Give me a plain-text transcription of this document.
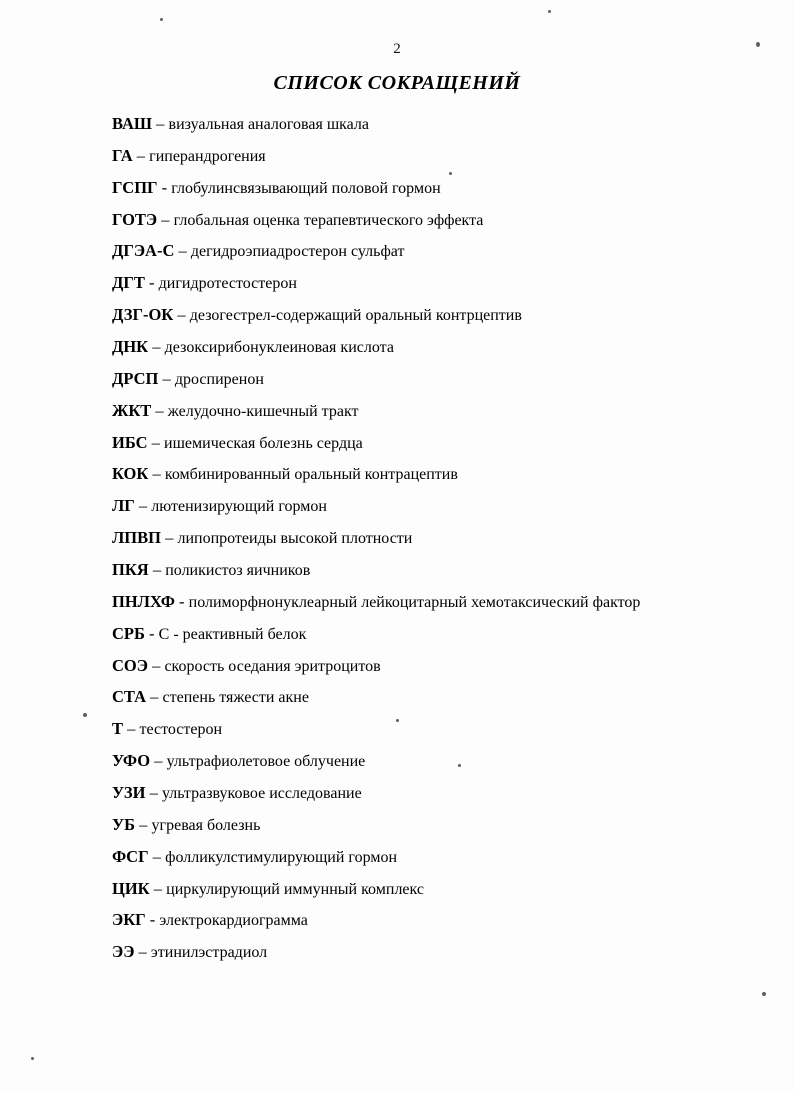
2
СПИСОК СОКРАЩЕНИЙ
ВАШ – визуальная аналоговая шкала
ГА – гиперандрогения
ГСПГ - глобулинсвязывающий половой гормон
ГОТЭ – глобальная оценка терапевтического эффекта
ДГЭА-С – дегидроэпиадростерон сульфат
ДГТ - дигидротестостерон
ДЗГ-ОК – дезогестрел-содержащий оральный контрцептив
ДНК – дезоксирибонуклеиновая кислота
ДРСП – дроспиренон
ЖКТ – желудочно-кишечный тракт
ИБС – ишемическая болезнь сердца
КОК – комбинированный оральный контрацептив
ЛГ – лютенизирующий гормон
ЛПВП – липопротеиды высокой плотности
ПКЯ – поликистоз яичников
ПНЛХФ - полиморфнонуклеарный лейкоцитарный хемотаксический фактор
СРБ - С - реактивный белок
СОЭ – скорость оседания эритроцитов
СТА – степень тяжести акне
Т – тестостерон
УФО – ультрафиолетовое облучение
УЗИ – ультразвуковое исследование
УБ – угревая болезнь
ФСГ – фолликулстимулирующий гормон
ЦИК – циркулирующий иммунный комплекс
ЭКГ - электрокардиограмма
ЭЭ – этинилэстрадиол
